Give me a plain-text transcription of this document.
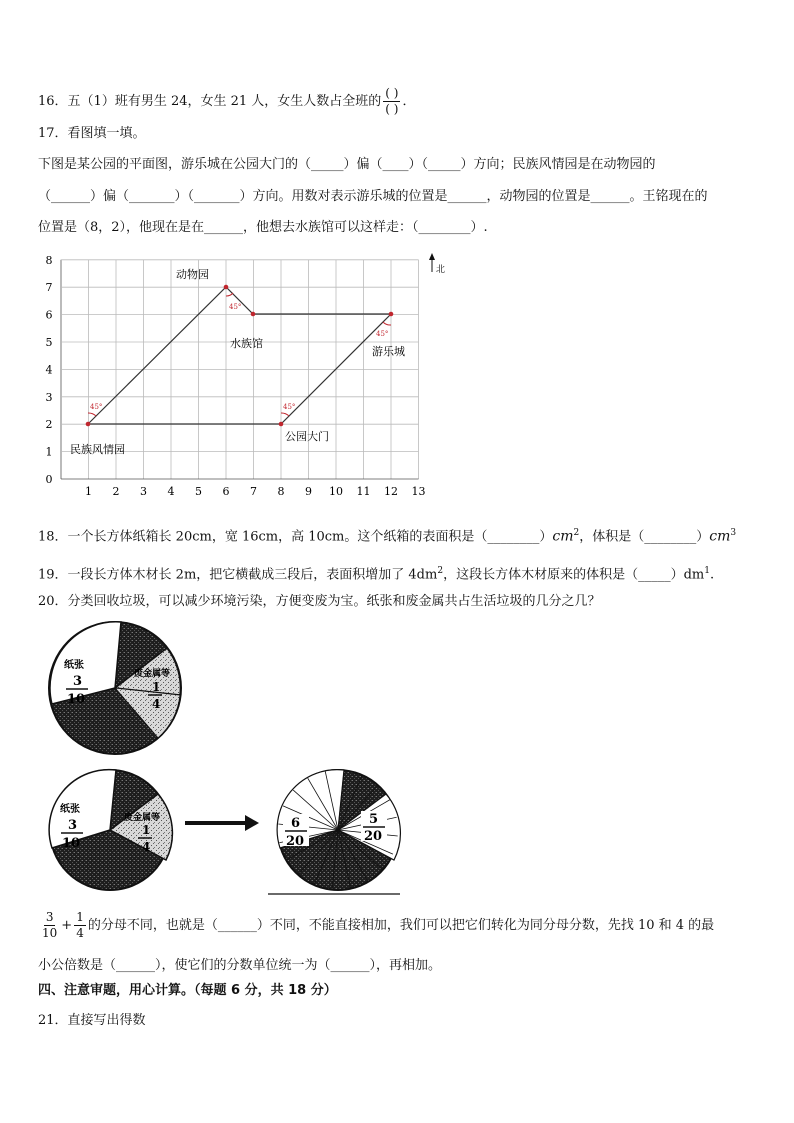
16．五（1）班有男生 24，女生 21 人，女生人数占全班的 $\frac{( )}{( )}$ ．
17．看图填一填。
下图是某公园的平面图，游乐城在公园大门的（_____）偏（____）（_____）方向；民族风情园是在动物园的
（______）偏（_______）（_______）方向。用数对表示游乐城的位置是______，动物园的位置是______。王铭现在的
位置是（8，2），他现在是在______，他想去水族馆可以这样走：（________）.
1 2 3 4 5 6 7 8 9 10 11 12 13
0
1
2
3
4
5
6
7
8
45°
45°	45°
45°
动物园
水族馆
游乐城
民族风情园
公园大门
北
18．一个长方体纸箱长 20cm，宽 16cm，高 10cm。这个纸箱的表面积是$(\_\_\_\_\_\_\_\_)cm^2$，体积是$(\_\_\_\_\_\_\_\_)cm^3$
19．一段长方体木材长 2m，把它横截成三段后，表面积增加了 $4dm^2$，这段长方体木材原来的体积是$(\_\_\_\_\_)dm^1$.
20．分类回收垃圾，可以减少环境污染，方便变废为宝。纸张和废金属共占生活垃圾的几分之几？
纸张
3
10
废金属等
1
4
纸张
3
10
废金属等
1
4
6
20
5
20
$\frac{3}{10} + \frac{1}{4}$ 的分母不同，也就是（______）不同，不能直接相加，我们可以把它们转化为同分母分数，先找 10 和 4 的最
小公倍数是（______），使它们的分数单位统一为（______），再相加。
四、注意审题，用心计算。（每题 6 分，共 18 分）
21．直接写出得数
